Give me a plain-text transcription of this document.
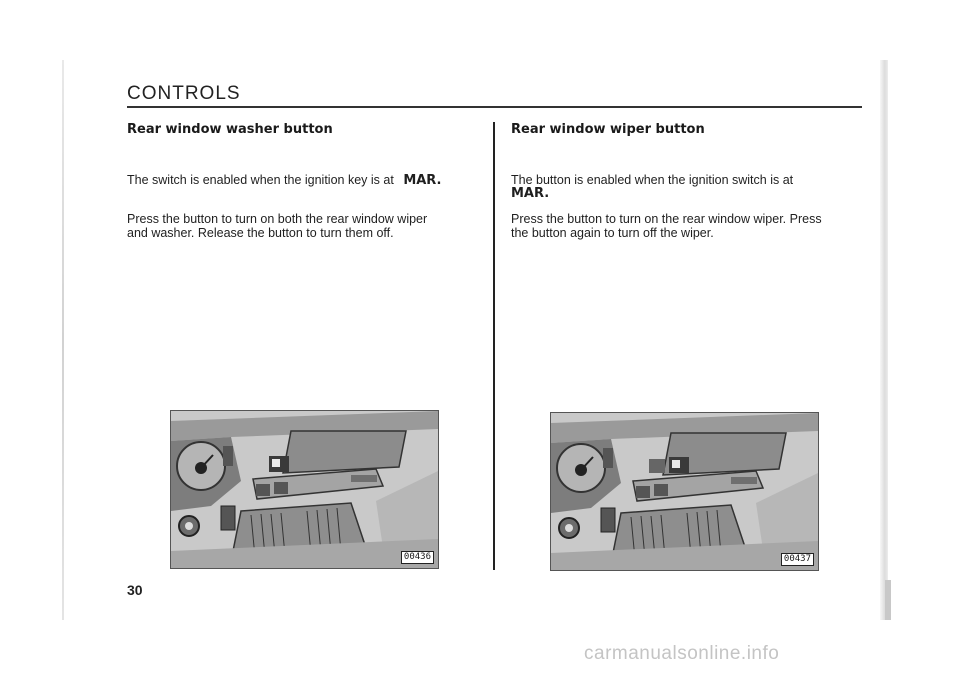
CONTROLS
Rear window washer button
The switch is enabled when the ignition key is at MAR.
Press the button to turn on both the rear window wiper
and washer. Release the button to turn them off.
00436
Rear window wiper button
The button is enabled when the ignition switch is at
MAR.
Press the button to turn on the rear window wiper. Press
the button again to turn off the wiper.
00437
30
carmanualsonline.info
